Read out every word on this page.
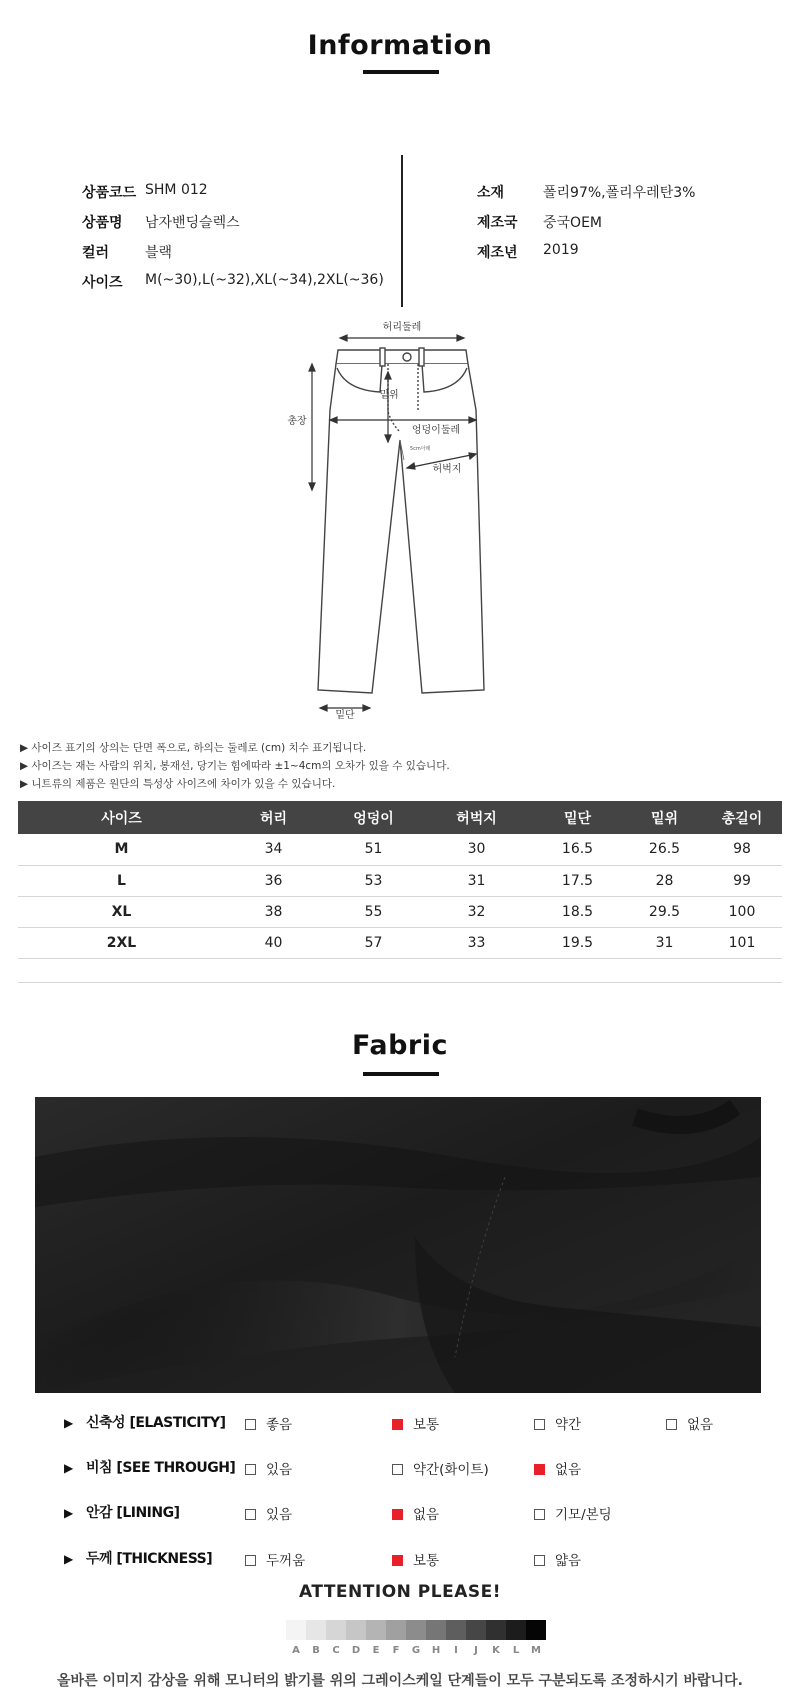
Information
상품코드 SHM 012
상품명 남자밴딩슬렉스
컬러	블랙
사이즈 M(~30),L(~32),XL(~34),2XL(~36)
소재	폴리97%,폴리우레탄3%
제조국 중국OEM
제조년 2019
허리둘레
밑위
엉덩이둘레
5cm아래
허벅지
총장
밑단
▶ 사이즈 표기의 상의는 단면 폭으로, 하의는 둘레로 (cm) 치수 표기됩니다.
▶ 사이즈는 재는 사람의 위치, 봉재선, 당기는 힘에따라 ±1~4cm의 오차가 있을 수 있습니다.
▶ 니트류의 제품은 원단의 특성상 사이즈에 차이가 있을 수 있습니다.
사이즈	허리	엉덩이	허벅지	밑단	밑위	총길이
M	34	51	30	16.5	26.5	98
L	36	53	31	17.5	28	99
XL	38	55	32	18.5	29.5	100
2XL	40	57	33	19.5	31	101
Fabric
▶ 신축성 [ELASTICITY]	좋음	보통	약간	없음
▶ 비침 [SEE THROUGH]	있음	약간(화이트)	없음
▶ 안감 [LINING]	있음	없음	기모/본딩
▶ 두께 [THICKNESS]	두꺼움	보통	얇음
ATTENTION PLEASE!
A	B	C	D	E	F	G	H	I	J	K	L	M
올바른 이미지 감상을 위해 모니터의 밝기를 위의 그레이스케일 단계들이 모두 구분되도록 조정하시기 바랍니다.
